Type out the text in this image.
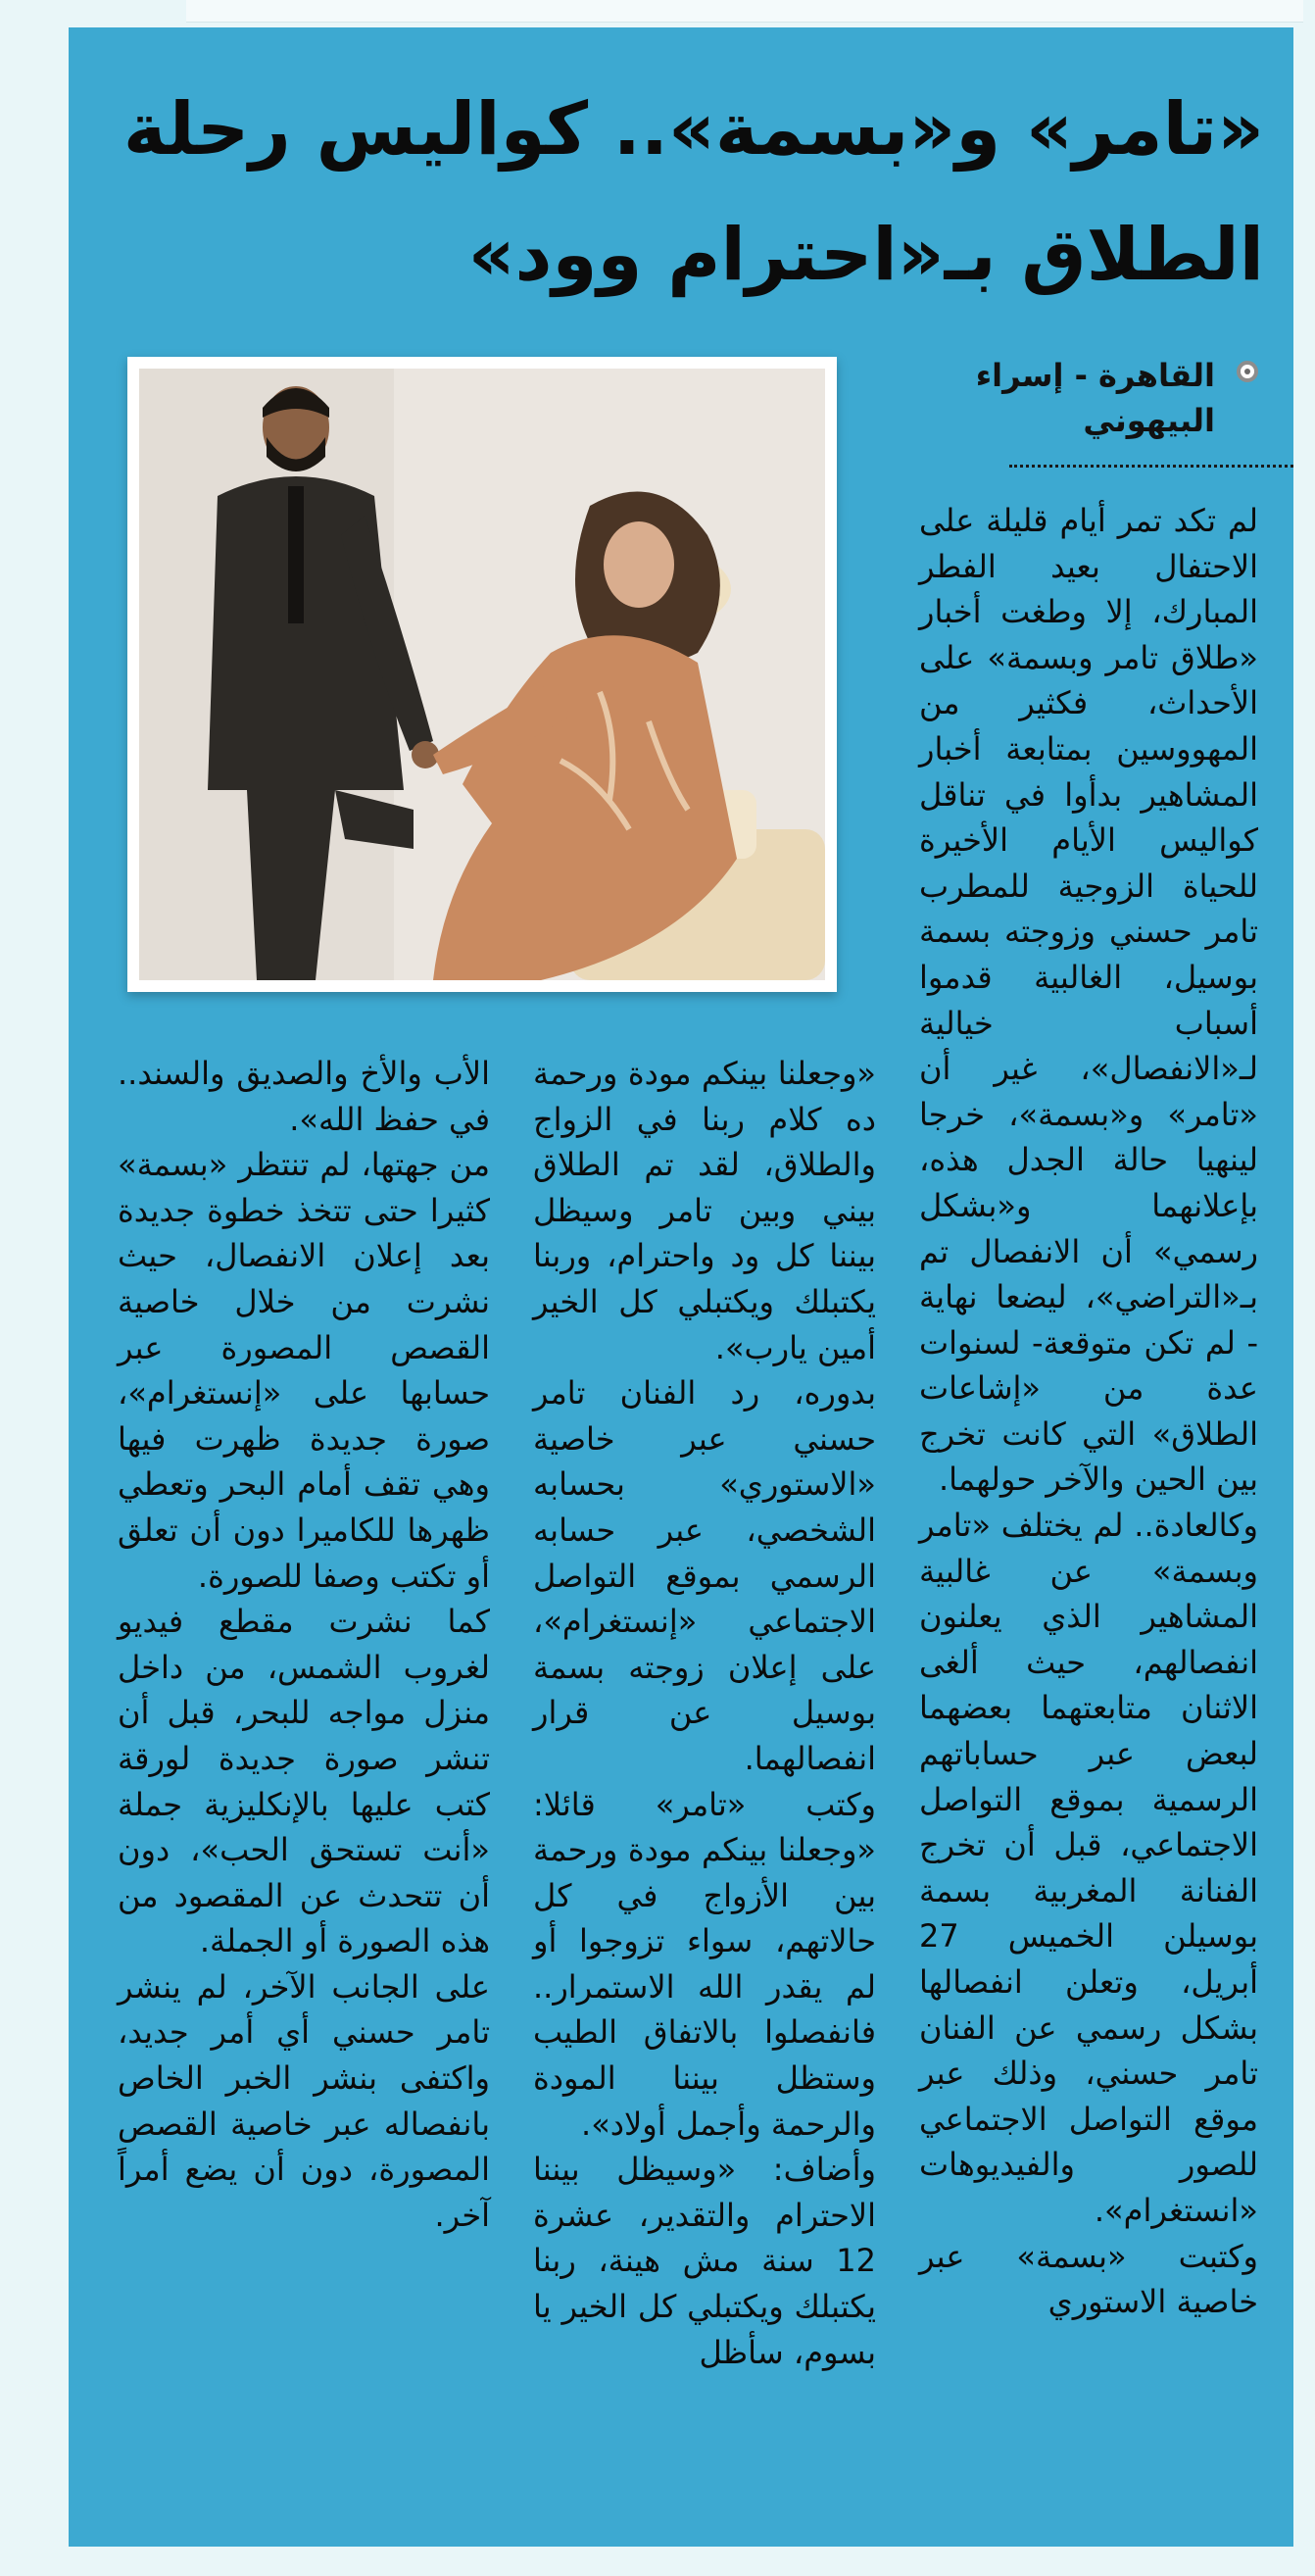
«تامر» و«بسمة».. كواليس رحلة
الطلاق بـ«احترام وود»
القاهرة - إسراء البيهوني

لم تكد تمر أيام قليلة على الاحتفال بعيد الفطر المبارك، إلا وطغت أخبار «طلاق تامر وبسمة» على الأحداث، فكثير من المهووسين بمتابعة أخبار المشاهير بدأوا في تناقل كواليس الأيام الأخيرة للحياة الزوجية للمطرب تامر حسني وزوجته بسمة بوسيل، الغالبية قدموا أسباب خيالية لـ«الانفصال»، غير أن «تامر» و«بسمة»، خرجا لينهيا حالة الجدل هذه، بإعلانهما و«بشكل رسمي» أن الانفصال تم بـ«التراضي»، ليضعا نهاية - لم تكن متوقعة- لسنوات عدة من «إشاعات الطلاق» التي كانت تخرج بين الحين والآخر حولهما.

وكالعادة.. لم يختلف «تامر وبسمة» عن غالبية المشاهير الذي يعلنون انفصالهم، حيث ألغى الاثنان متابعتهما بعضهما لبعض عبر حساباتهم الرسمية بموقع التواصل الاجتماعي، قبل أن تخرج الفنانة المغربية بسمة بوسيلن الخميس 27 أبريل، وتعلن انفصالها بشكل رسمي عن الفنان تامر حسني، وذلك عبر موقع التواصل الاجتماعي للصور والفيديوهات «انستغرام».

وكتبت «بسمة» عبر خاصية الاستوري

«وجعلنا بينكم مودة ورحمة ده كلام ربنا في الزواج والطلاق، لقد تم الطلاق بيني وبين تامر وسيظل بيننا كل ود واحترام، وربنا يكتبلك ويكتبلي كل الخير أمين يارب».

بدوره، رد الفنان تامر حسني عبر خاصية «الاستوري» بحسابه الشخصي، عبر حسابه الرسمي بموقع التواصل الاجتماعي «إنستغرام»، على إعلان زوجته بسمة بوسيل عن قرار انفصالهما.

وكتب «تامر» قائلا: «وجعلنا بينكم مودة ورحمة بين الأزواج في كل حالاتهم، سواء تزوجوا أو لم يقدر الله الاستمرار.. فانفصلوا بالاتفاق الطيب وستظل بيننا المودة والرحمة وأجمل أولاد».

وأضاف: «وسيظل بيننا الاحترام والتقدير، عشرة 12 سنة مش هينة، ربنا يكتبلك ويكتبلي كل الخير يا بسوم، سأظل

الأب والأخ والصديق والسند.. في حفظ الله».

من جهتها، لم تنتظر «بسمة» كثيرا حتى تتخذ خطوة جديدة بعد إعلان الانفصال، حيث نشرت من خلال خاصية القصص المصورة عبر حسابها على «إنستغرام»، صورة جديدة ظهرت فيها وهي تقف أمام البحر وتعطي ظهرها للكاميرا دون أن تعلق أو تكتب وصفا للصورة.

كما نشرت مقطع فيديو لغروب الشمس، من داخل منزل مواجه للبحر، قبل أن تنشر صورة جديدة لورقة كتب عليها بالإنكليزية جملة «أنت تستحق الحب»، دون أن تتحدث عن المقصود من هذه الصورة أو الجملة.

على الجانب الآخر، لم ينشر تامر حسني أي أمر جديد، واكتفى بنشر الخبر الخاص بانفصاله عبر خاصية القصص المصورة، دون أن يضع أمراً آخر.
